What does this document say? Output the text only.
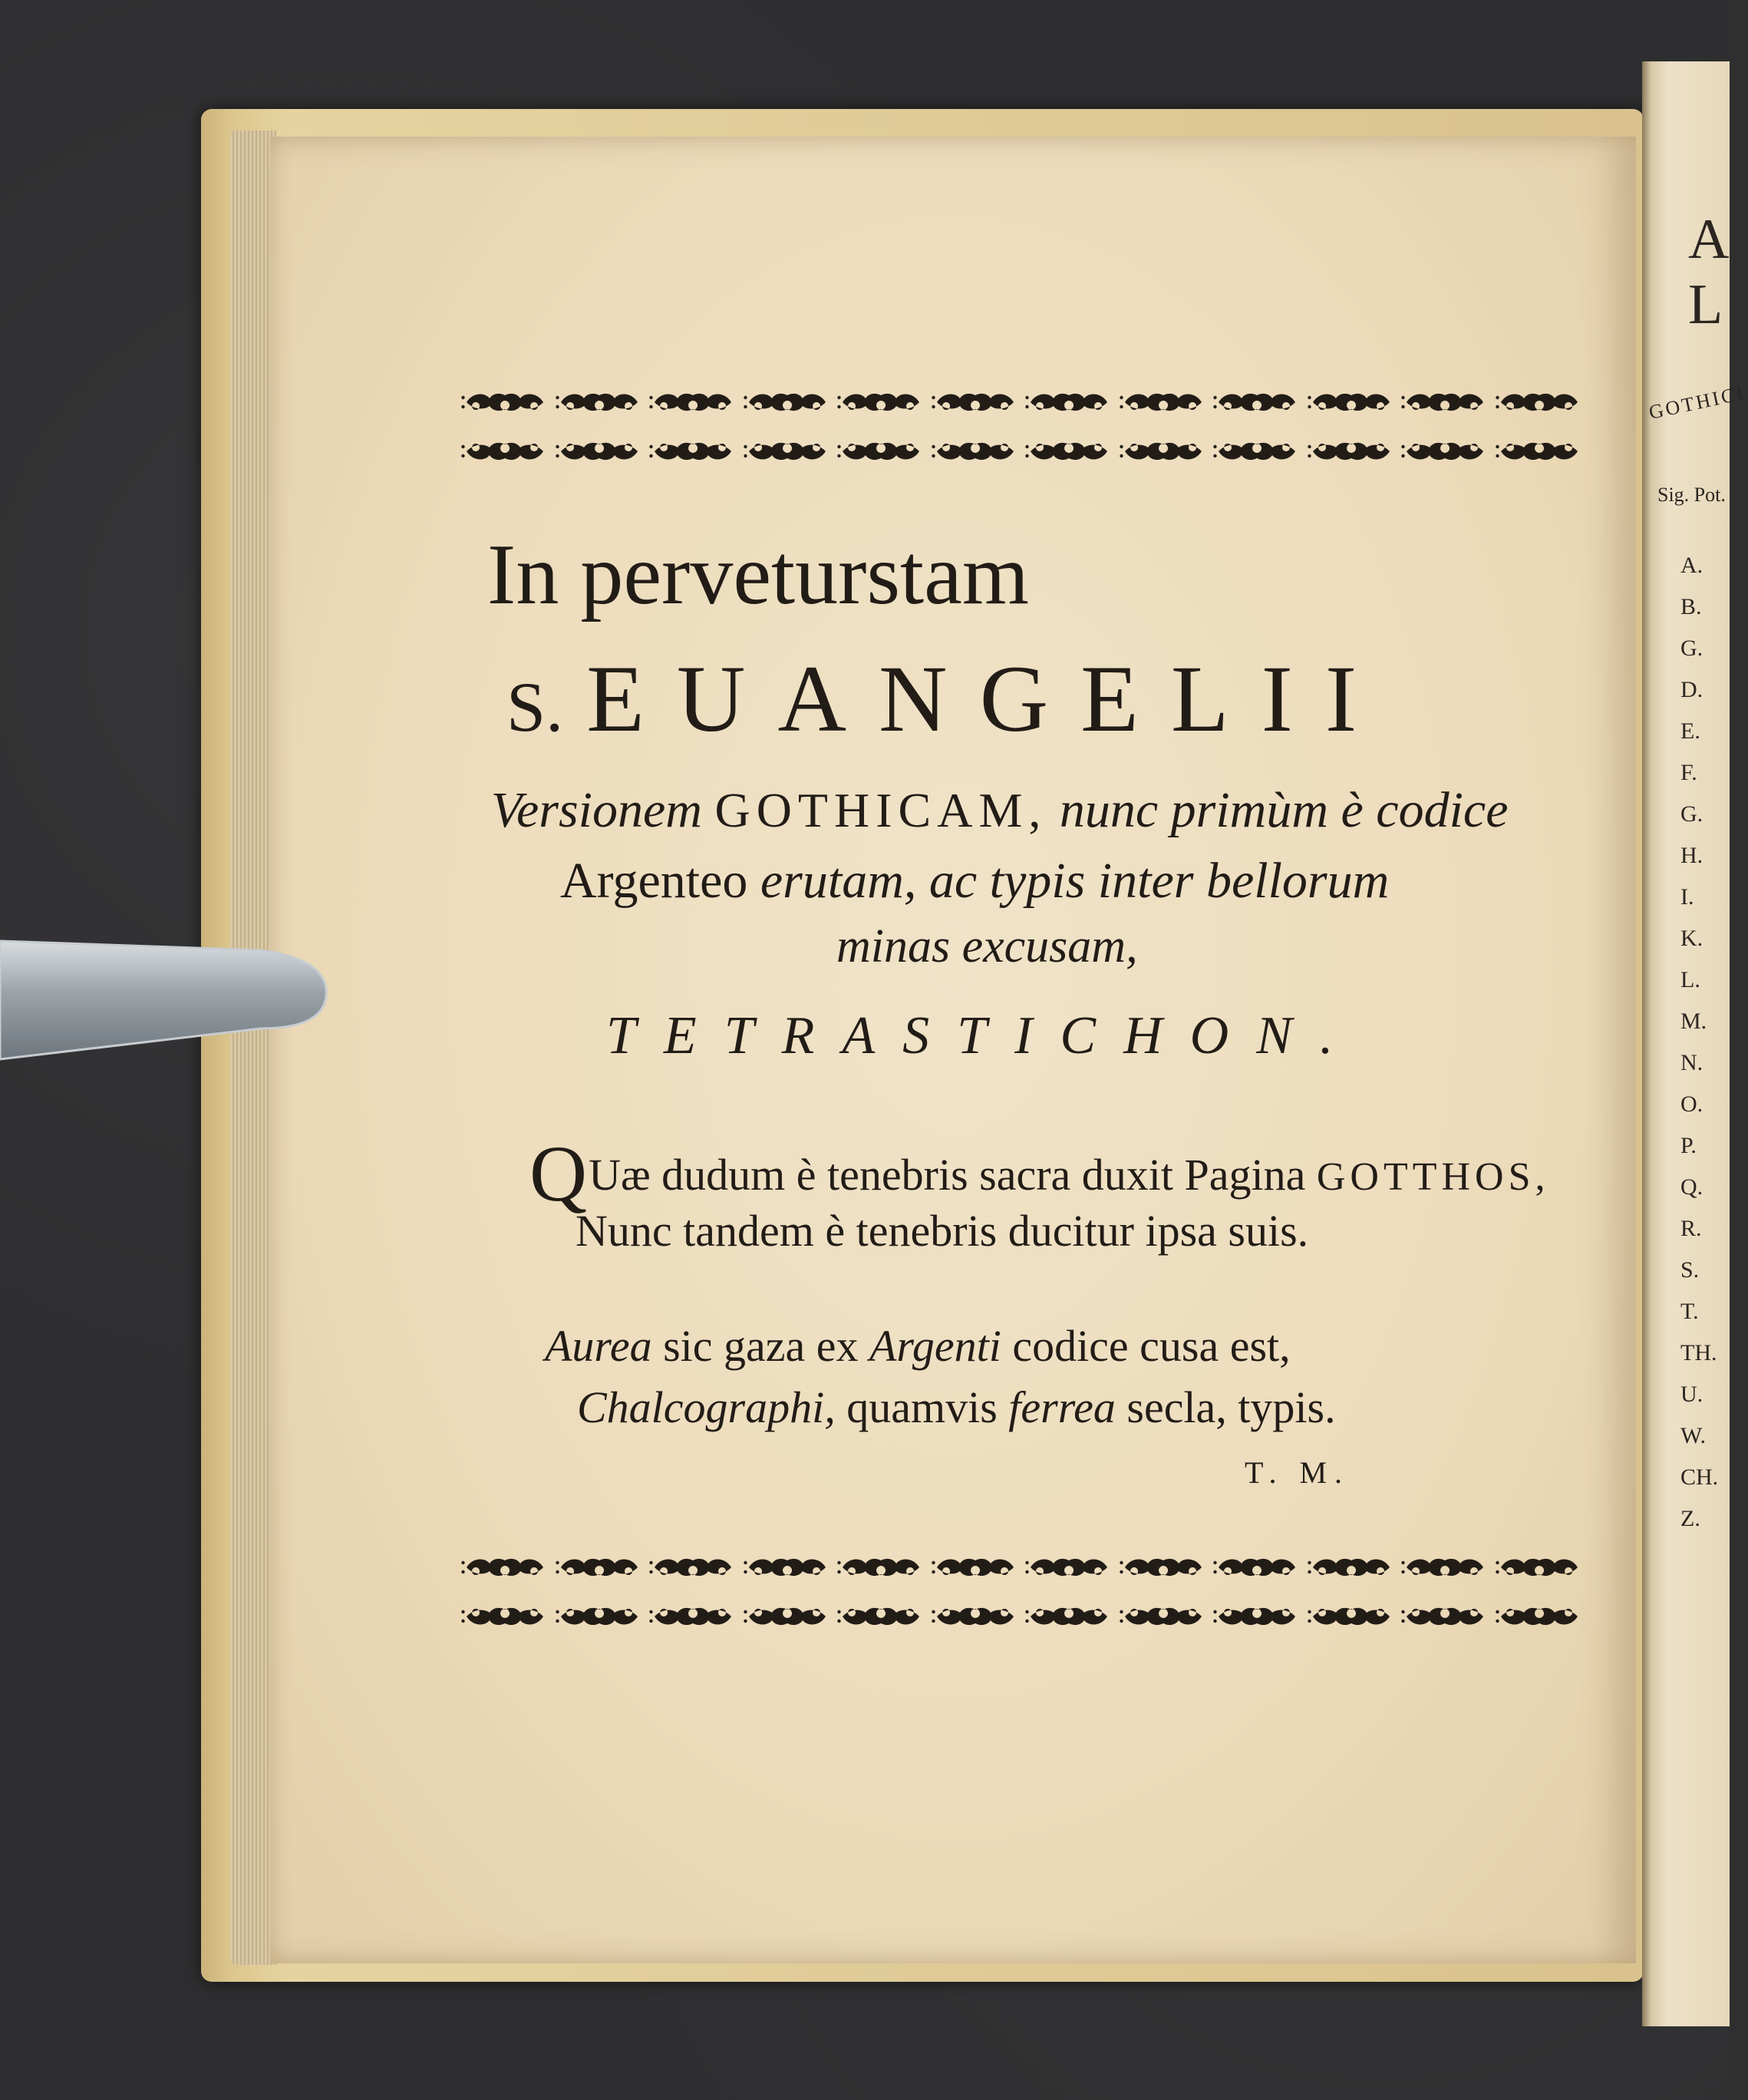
A L
GOTHICI
Sig. Pot.
A.
B.
G.
D.
E.
F.
G.
H.
I.
K.
L.
M.
N.
O.
P.
Q.
R.
S.
T.
TH.
U.
W.
CH.
Z.
In perveturstam
S. EUANGELII
Versionem GOTHICAM, nunc primùm è codice
Argenteo erutam, ac typis inter bellorum
minas excusam,
TETRASTICHON.
QUæ dudum è tenebris sacra duxit Pagina GOTTHOS,
Nunc tandem è tenebris ducitur ipsa suis.
Aurea sic gaza ex Argenti codice cusa est,
Chalcographi, quamvis ferrea secla, typis.
T. M.
